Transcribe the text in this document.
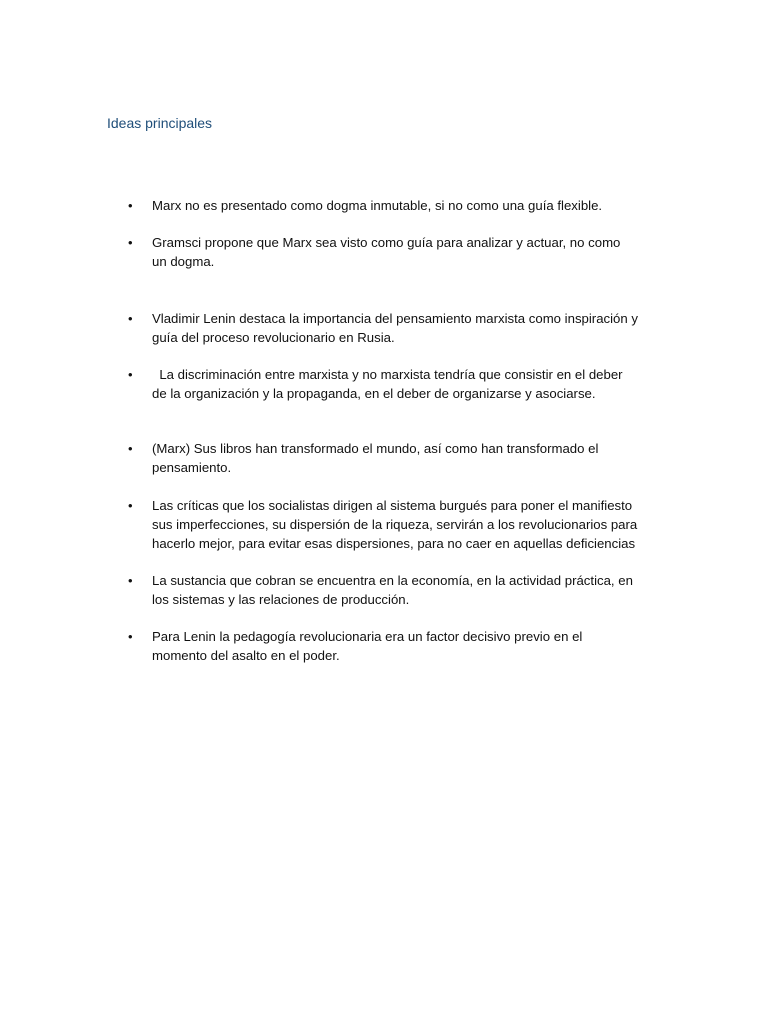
Ideas principales
• Marx no es presentado como dogma inmutable, si no como una guía flexible.
• Gramsci propone que Marx sea visto como guía para analizar y actuar, no como
un dogma.
• Vladimir Lenin destaca la importancia del pensamiento marxista como inspiración y
guía del proceso revolucionario en Rusia.
•	La discriminación entre marxista y no marxista tendría que consistir en el deber
de la organización y la propaganda, en el deber de organizarse y asociarse.
• (Marx) Sus libros han transformado el mundo, así como han transformado el
pensamiento.
• Las críticas que los socialistas dirigen al sistema burgués para poner el manifiesto
sus imperfecciones, su dispersión de la riqueza, servirán a los revolucionarios para
hacerlo mejor, para evitar esas dispersiones, para no caer en aquellas deficiencias
• La sustancia que cobran se encuentra en la economía, en la actividad práctica, en
los sistemas y las relaciones de producción.
• Para Lenin la pedagogía revolucionaria era un factor decisivo previo en el
momento del asalto en el poder.
